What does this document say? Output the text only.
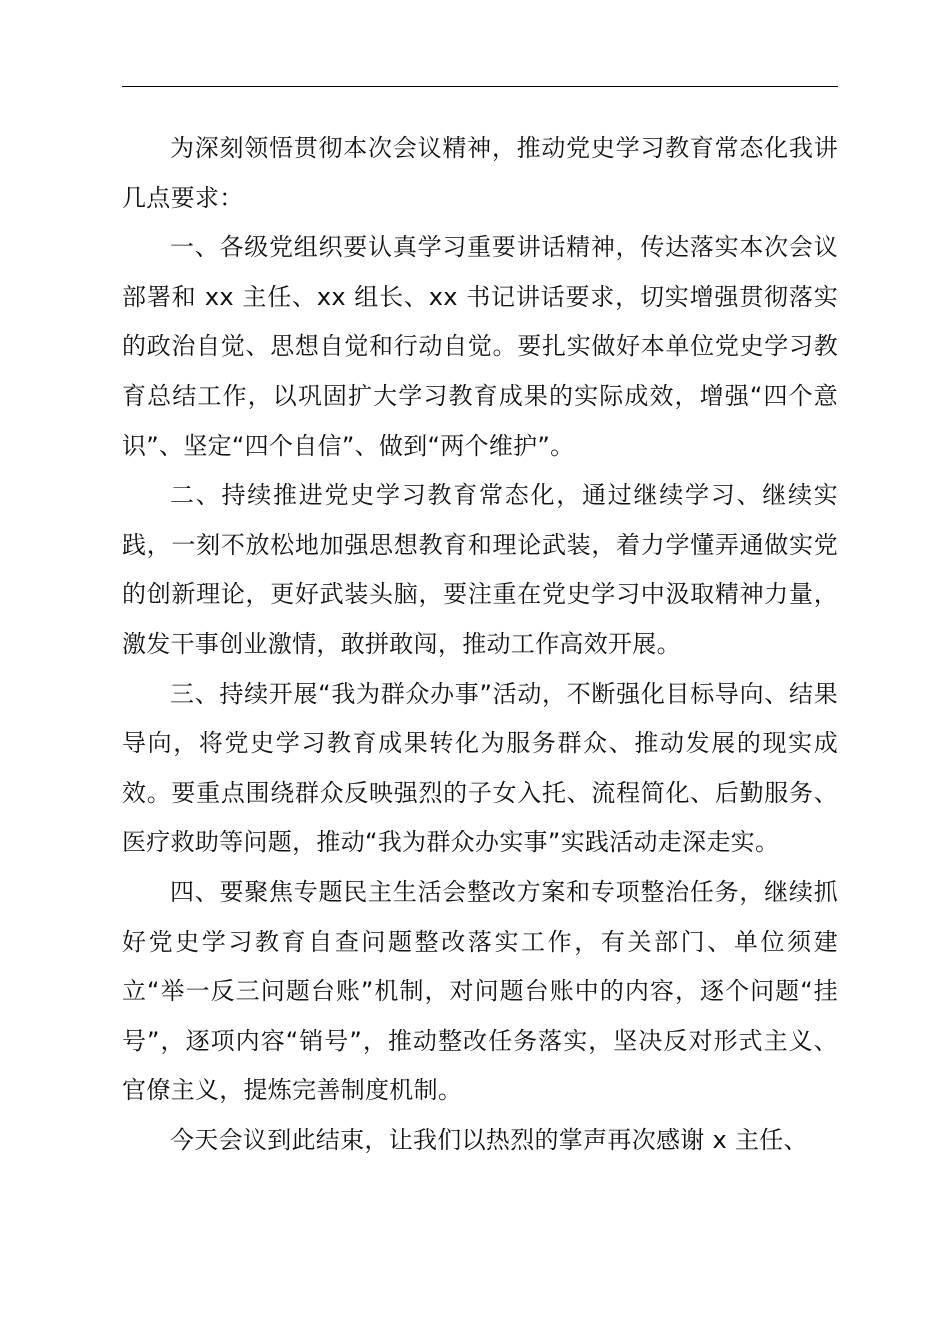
为深刻领悟贯彻本次会议精神，推动党史学习教育常态化我讲几点要求：

一、各级党组织要认真学习重要讲话精神，传达落实本次会议部署和 xx 主任、xx 组长、xx 书记讲话要求，切实增强贯彻落实的政治自觉、思想自觉和行动自觉。要扎实做好本单位党史学习教育总结工作，以巩固扩大学习教育成果的实际成效，增强“四个意识”、坚定“四个自信”、做到“两个维护”。

二、持续推进党史学习教育常态化，通过继续学习、继续实践，一刻不放松地加强思想教育和理论武装，着力学懂弄通做实党的创新理论，更好武装头脑，要注重在党史学习中汲取精神力量，激发干事创业激情，敢拼敢闯，推动工作高效开展。

三、持续开展“我为群众办事”活动，不断强化目标导向、结果导向，将党史学习教育成果转化为服务群众、推动发展的现实成效。要重点围绕群众反映强烈的子女入托、流程简化、后勤服务、医疗救助等问题，推动“我为群众办实事”实践活动走深走实。

四、要聚焦专题民主生活会整改方案和专项整治任务，继续抓好党史学习教育自查问题整改落实工作，有关部门、单位须建立“举一反三问题台账”机制，对问题台账中的内容，逐个问题“挂号”，逐项内容“销号”，推动整改任务落实，坚决反对形式主义、官僚主义，提炼完善制度机制。

今天会议到此结束，让我们以热烈的掌声再次感谢 x 主任、
